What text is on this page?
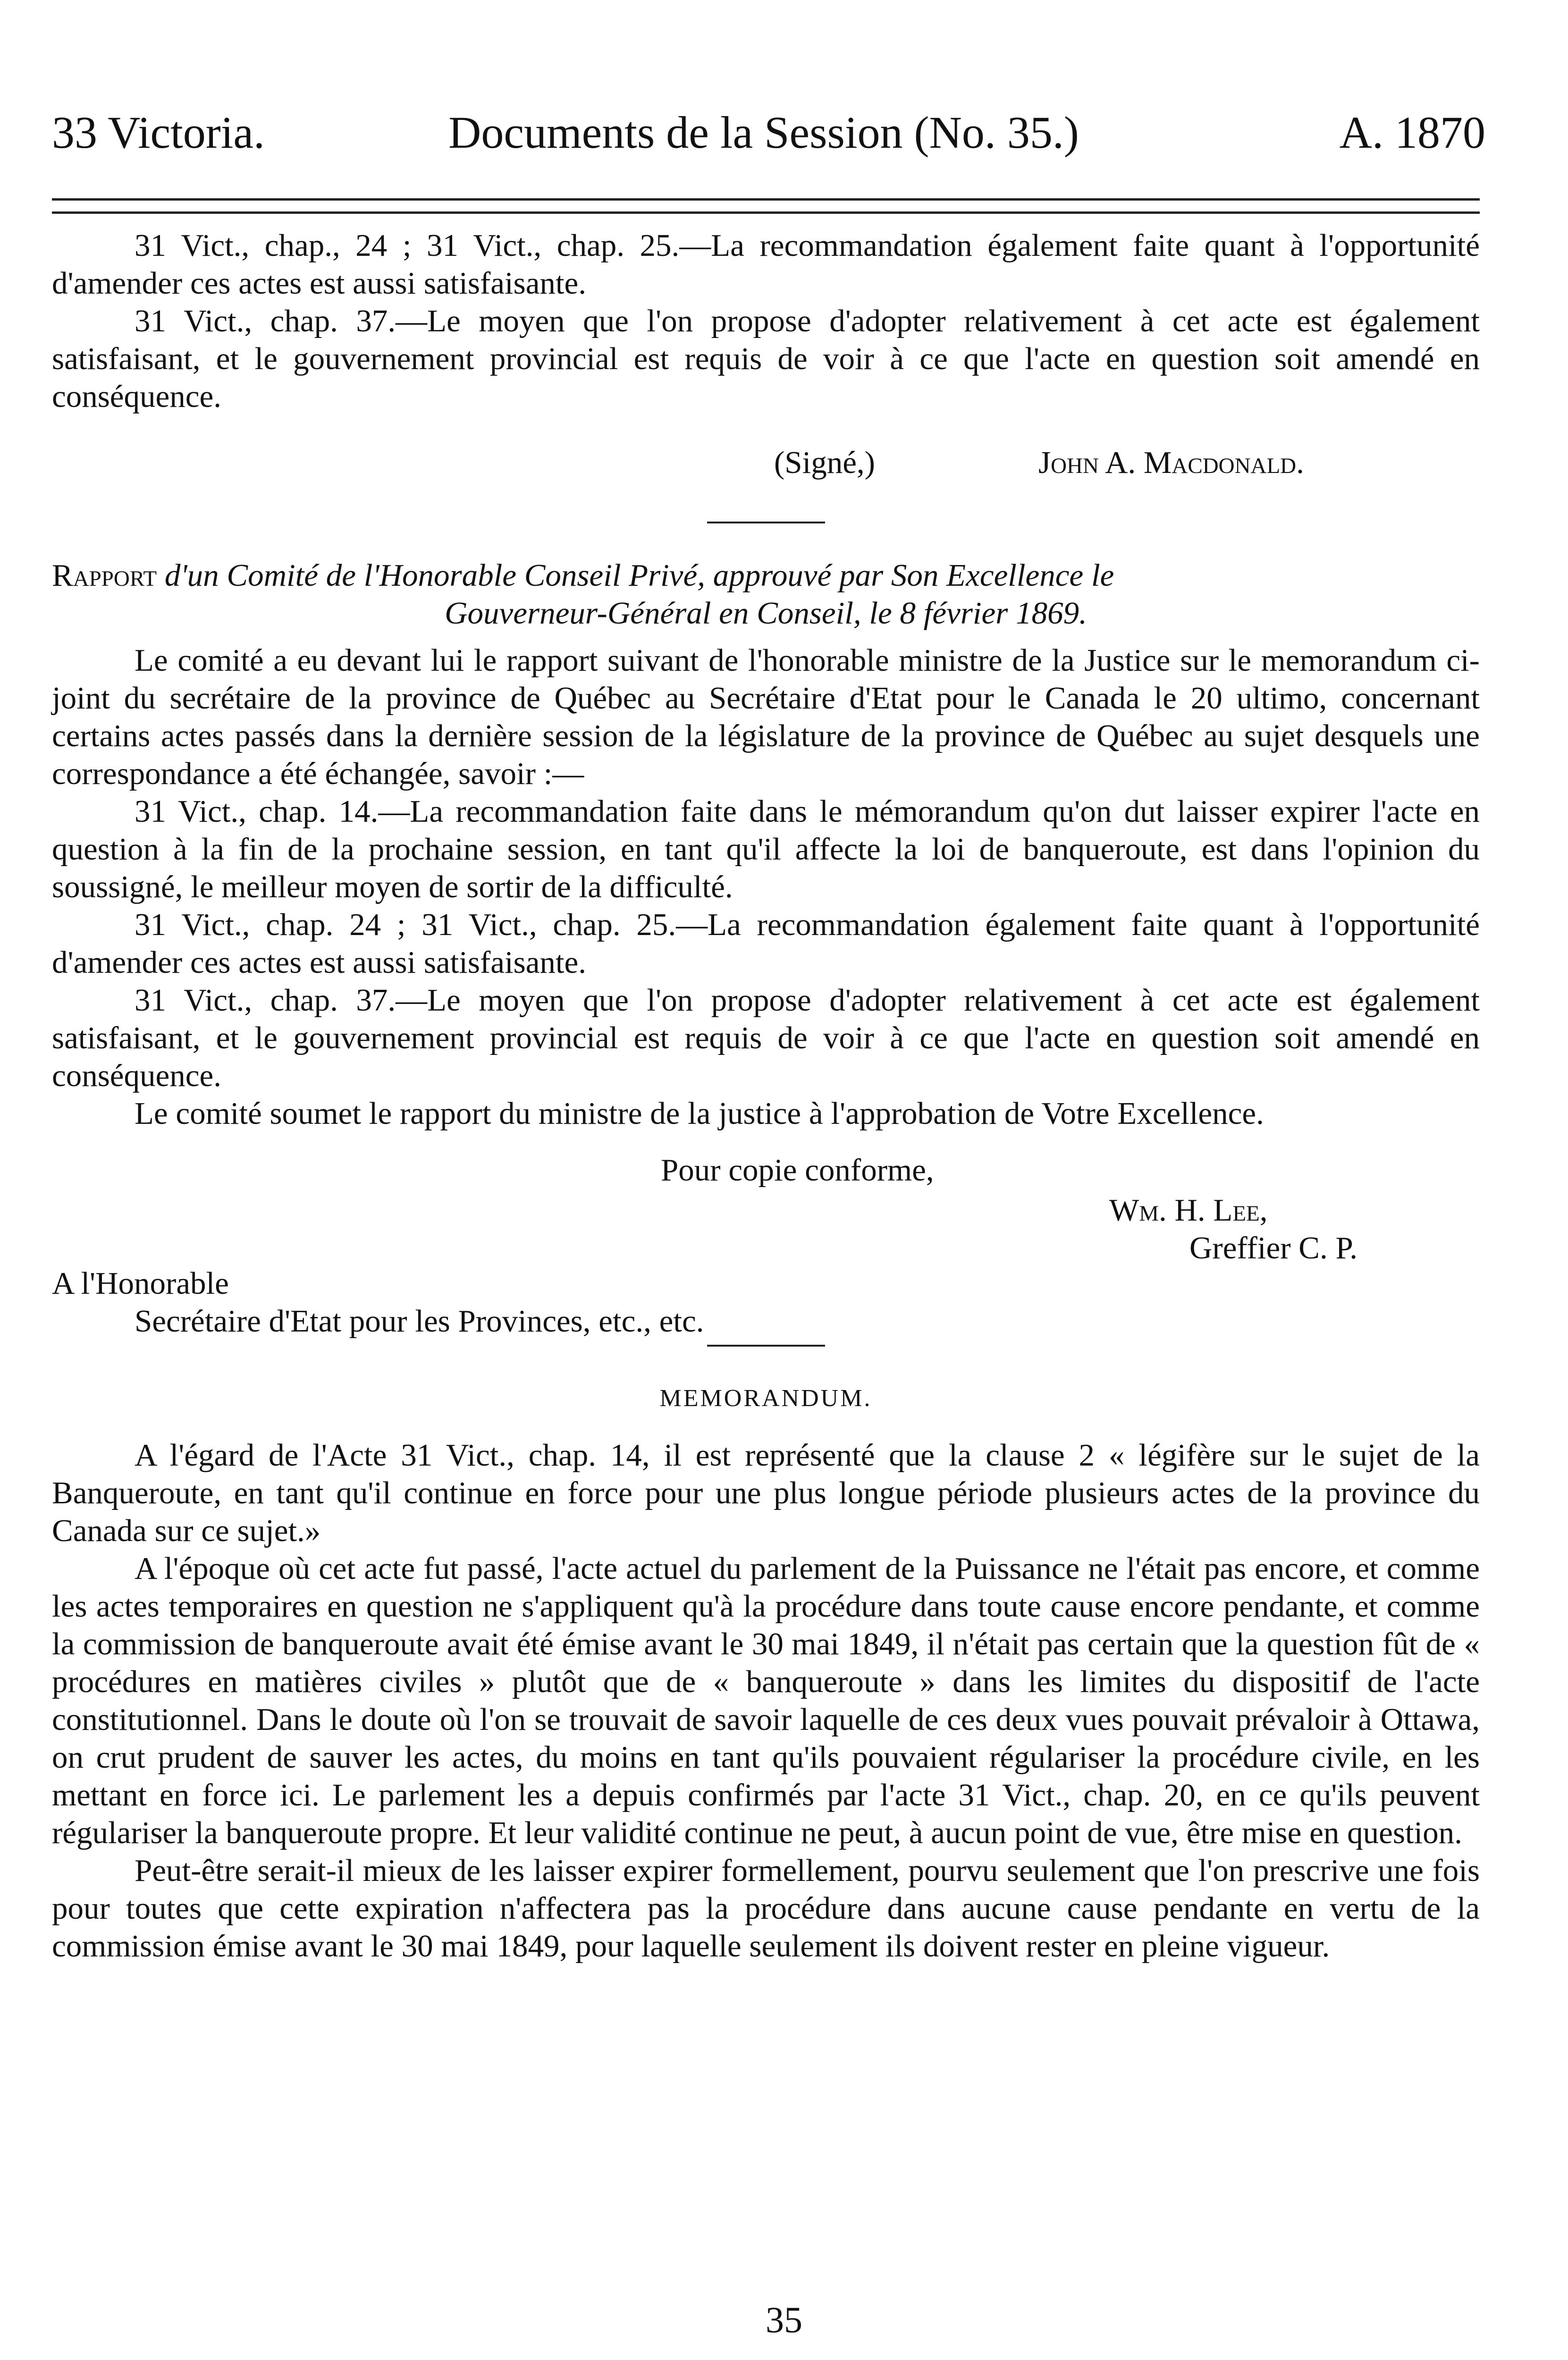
33 Victoria.	Documents de la Session (No. 35.)	A. 1870

31 Vict., chap., 24 ; 31 Vict., chap. 25.—La recommandation également faite quant à l'opportunité d'amender ces actes est aussi satisfaisante.

31 Vict., chap. 37.—Le moyen que l'on propose d'adopter relativement à cet acte est également satisfaisant, et le gouvernement provincial est requis de voir à ce que l'acte en question soit amendé en conséquence.

(Signé,)	John A. Macdonald.

Rapport d'un Comité de l'Honorable Conseil Privé, approuvé par Son Excellence le

Gouverneur-Général en Conseil, le 8 février 1869.

Le comité a eu devant lui le rapport suivant de l'honorable ministre de la Justice sur le memorandum ci-joint du secrétaire de la province de Québec au Secrétaire d'Etat pour le Canada le 20 ultimo, concernant certains actes passés dans la dernière session de la législature de la province de Québec au sujet desquels une correspondance a été échangée, savoir :—

31 Vict., chap. 14.—La recommandation faite dans le mémorandum qu'on dut laisser expirer l'acte en question à la fin de la prochaine session, en tant qu'il affecte la loi de banqueroute, est dans l'opinion du soussigné, le meilleur moyen de sortir de la difficulté.

31 Vict., chap. 24 ; 31 Vict., chap. 25.—La recommandation également faite quant à l'opportunité d'amender ces actes est aussi satisfaisante.

31 Vict., chap. 37.—Le moyen que l'on propose d'adopter relativement à cet acte est également satisfaisant, et le gouvernement provincial est requis de voir à ce que l'acte en question soit amendé en conséquence.

Le comité soumet le rapport du ministre de la justice à l'approbation de Votre Excellence.

Pour copie conforme,
Wm. H. Lee,
Greffier C. P.
A l'Honorable
Secrétaire d'Etat pour les Provinces, etc., etc.

MEMORANDUM.

A l'égard de l'Acte 31 Vict., chap. 14, il est représenté que la clause 2 « légifère sur le sujet de la Banqueroute, en tant qu'il continue en force pour une plus longue période plusieurs actes de la province du Canada sur ce sujet.»

A l'époque où cet acte fut passé, l'acte actuel du parlement de la Puissance ne l'était pas encore, et comme les actes temporaires en question ne s'appliquent qu'à la procédure dans toute cause encore pendante, et comme la commission de banqueroute avait été émise avant le 30 mai 1849, il n'était pas certain que la question fût de « procédures en matières civiles » plutôt que de « banqueroute » dans les limites du dispositif de l'acte constitutionnel. Dans le doute où l'on se trouvait de savoir laquelle de ces deux vues pouvait prévaloir à Ottawa, on crut prudent de sauver les actes, du moins en tant qu'ils pouvaient régulariser la procédure civile, en les mettant en force ici. Le parlement les a depuis confirmés par l'acte 31 Vict., chap. 20, en ce qu'ils peuvent régulariser la banqueroute propre. Et leur validité continue ne peut, à aucun point de vue, être mise en question.

Peut-être serait-il mieux de les laisser expirer formellement, pourvu seulement que l'on prescrive une fois pour toutes que cette expiration n'affectera pas la procédure dans aucune cause pendante en vertu de la commission émise avant le 30 mai 1849, pour laquelle seulement ils doivent rester en pleine vigueur.

35
